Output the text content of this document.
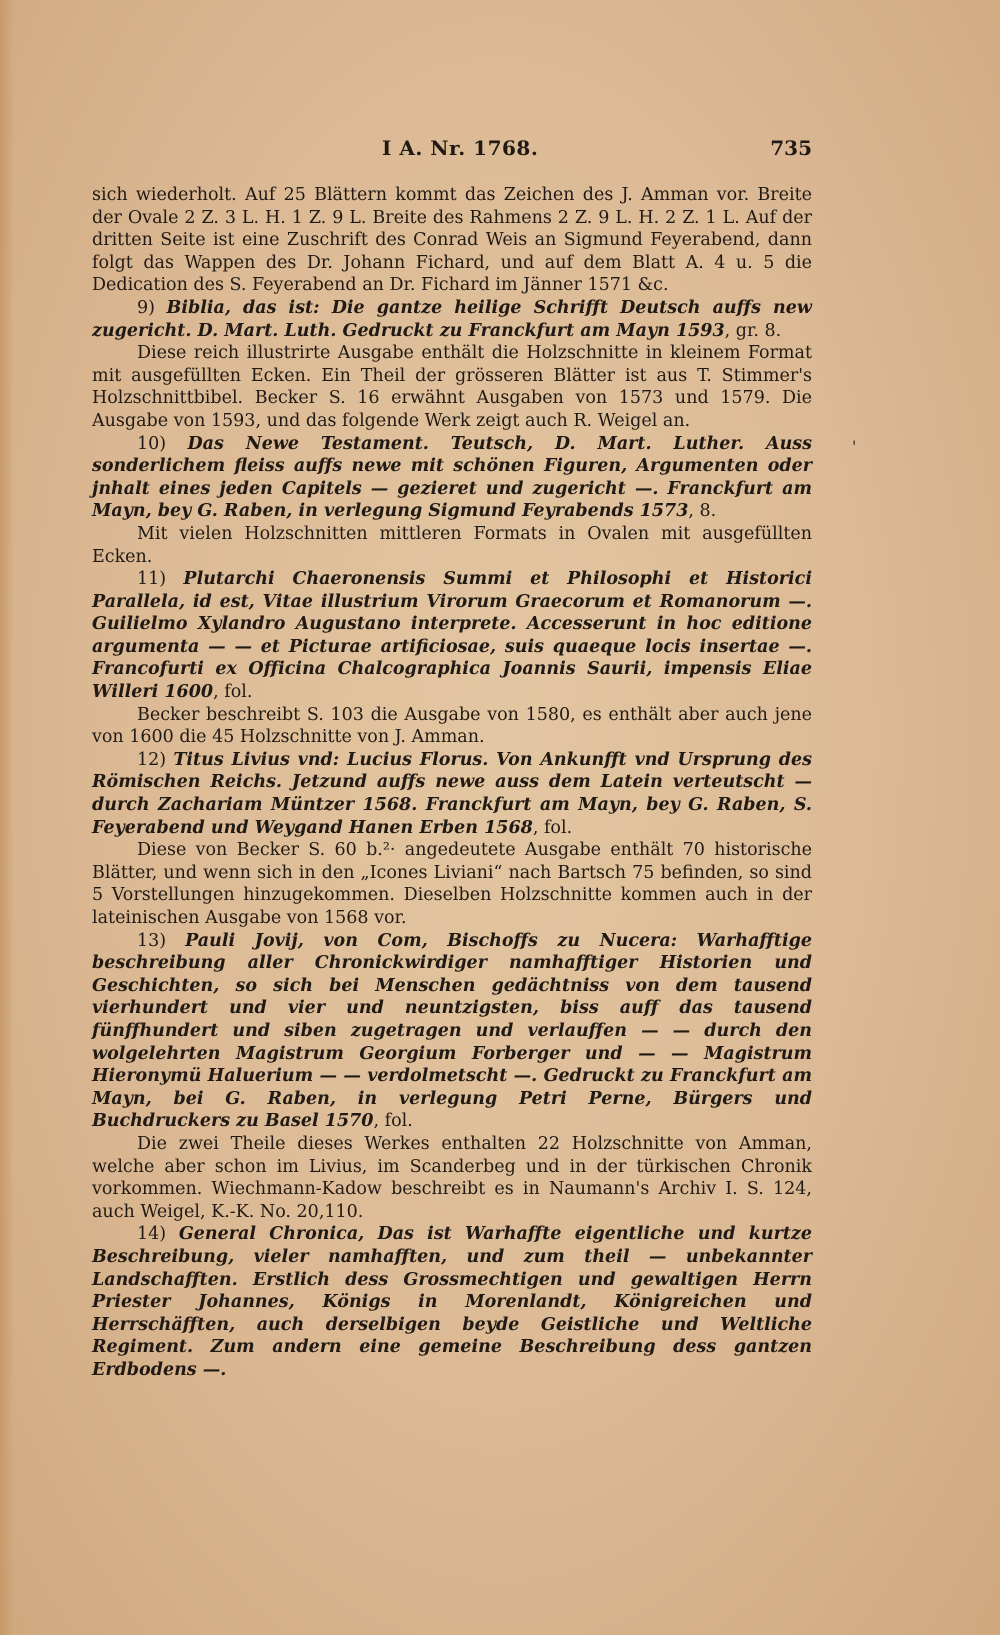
I A. Nr. 1768.	735

sich wiederholt. Auf 25 Blättern kommt das Zeichen des J. Amman vor. Breite der Ovale 2 Z. 3 L. H. 1 Z. 9 L. Breite des Rahmens 2 Z. 9 L. H. 2 Z. 1 L. Auf der dritten Seite ist eine Zuschrift des Conrad Weis an Sigmund Feyerabend, dann folgt das Wappen des Dr. Johann Fichard, und auf dem Blatt A. 4 u. 5 die Dedication des S. Feyerabend an Dr. Fichard im Jänner 1571 &c.

9) Biblia, das ist: Die gantze heilige Schrifft Deutsch auffs new zugericht. D. Mart. Luth. Gedruckt zu Franckfurt am Mayn 1593, gr. 8.

Diese reich illustrirte Ausgabe enthält die Holzschnitte in kleinem Format mit ausgefüllten Ecken. Ein Theil der grösseren Blätter ist aus T. Stimmer's Holzschnittbibel. Becker S. 16 erwähnt Ausgaben von 1573 und 1579. Die Ausgabe von 1593, und das folgende Werk zeigt auch R. Weigel an.

10) Das Newe Testament. Teutsch, D. Mart. Luther. Auss sonderlichem fleiss auffs newe mit schönen Figuren, Argumenten oder jnhalt eines jeden Capitels — gezieret und zugericht —. Franckfurt am Mayn, bey G. Raben, in verlegung Sigmund Feyrabends 1573, 8.

Mit vielen Holzschnitten mittleren Formats in Ovalen mit ausgefüllten Ecken.

11) Plutarchi Chaeronensis Summi et Philosophi et Historici Parallela, id est, Vitae illustrium Virorum Graecorum et Romanorum —. Guilielmo Xylandro Augustano interprete. Accesserunt in hoc editione argumenta — — et Picturae artificiosae, suis quaeque locis insertae —. Francofurti ex Officina Chalcographica Joannis Saurii, impensis Eliae Willeri 1600, fol.

Becker beschreibt S. 103 die Ausgabe von 1580, es enthält aber auch jene von 1600 die 45 Holzschnitte von J. Amman.

12) Titus Livius vnd: Lucius Florus. Von Ankunfft vnd Ursprung des Römischen Reichs. Jetzund auffs newe auss dem Latein verteutscht — durch Zachariam Müntzer 1568. Franckfurt am Mayn, bey G. Raben, S. Feyerabend und Weygand Hanen Erben 1568, fol.

Diese von Becker S. 60 b.²· angedeutete Ausgabe enthält 70 historische Blätter, und wenn sich in den „Icones Liviani“ nach Bartsch 75 befinden, so sind 5 Vorstellungen hinzugekommen. Dieselben Holzschnitte kommen auch in der lateinischen Ausgabe von 1568 vor.

13) Pauli Jovij, von Com, Bischoffs zu Nucera: Warhafftige beschreibung aller Chronickwirdiger namhafftiger Historien und Geschichten, so sich bei Menschen gedächtniss von dem tausend vierhundert und vier und neuntzigsten, biss auff das tausend fünffhundert und siben zugetragen und verlauffen — — durch den wolgelehrten Magistrum Georgium Forberger und — — Magistrum Hieronymü Haluerium — — verdolmetscht —. Gedruckt zu Franckfurt am Mayn, bei G. Raben, in verlegung Petri Perne, Bürgers und Buchdruckers zu Basel 1570, fol.

Die zwei Theile dieses Werkes enthalten 22 Holzschnitte von Amman, welche aber schon im Livius, im Scanderbeg und in der türkischen Chronik vorkommen. Wiechmann-Kadow beschreibt es in Naumann's Archiv I. S. 124, auch Weigel, K.-K. No. 20,110.

14) General Chronica, Das ist Warhaffte eigentliche und kurtze Beschreibung, vieler namhafften, und zum theil — unbekannter Landschafften. Erstlich dess Grossmechtigen und gewaltigen Herrn Priester Johannes, Königs in Morenlandt, Königreichen und Herrschäfften, auch derselbigen beyde Geistliche und Weltliche Regiment. Zum andern eine gemeine Beschreibung dess gantzen Erdbodens —.

'
